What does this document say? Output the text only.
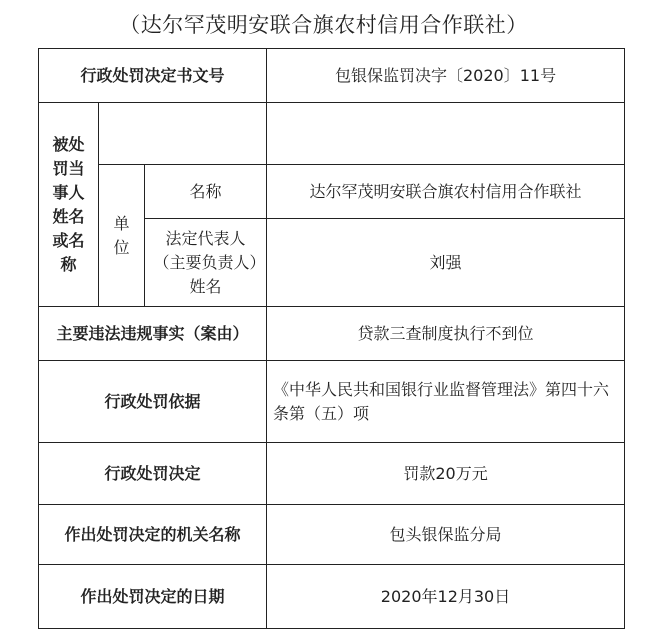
（达尔罕茂明安联合旗农村信用合作联社）
行政处罚决定书文号			包银保监罚决字〔2020〕11号
被处罚当事人姓名或名称			
	单位	名称	达尔罕茂明安联合旗农村信用合作联社
		法定代表人（主要负责人）姓名	刘强
主要违法违规事实（案由）			贷款三查制度执行不到位
行政处罚依据			《中华人民共和国银行业监督管理法》第四十六条第（五）项
行政处罚决定			罚款20万元
作出处罚决定的机关名称			包头银保监分局
作出处罚决定的日期			2020年12月30日
